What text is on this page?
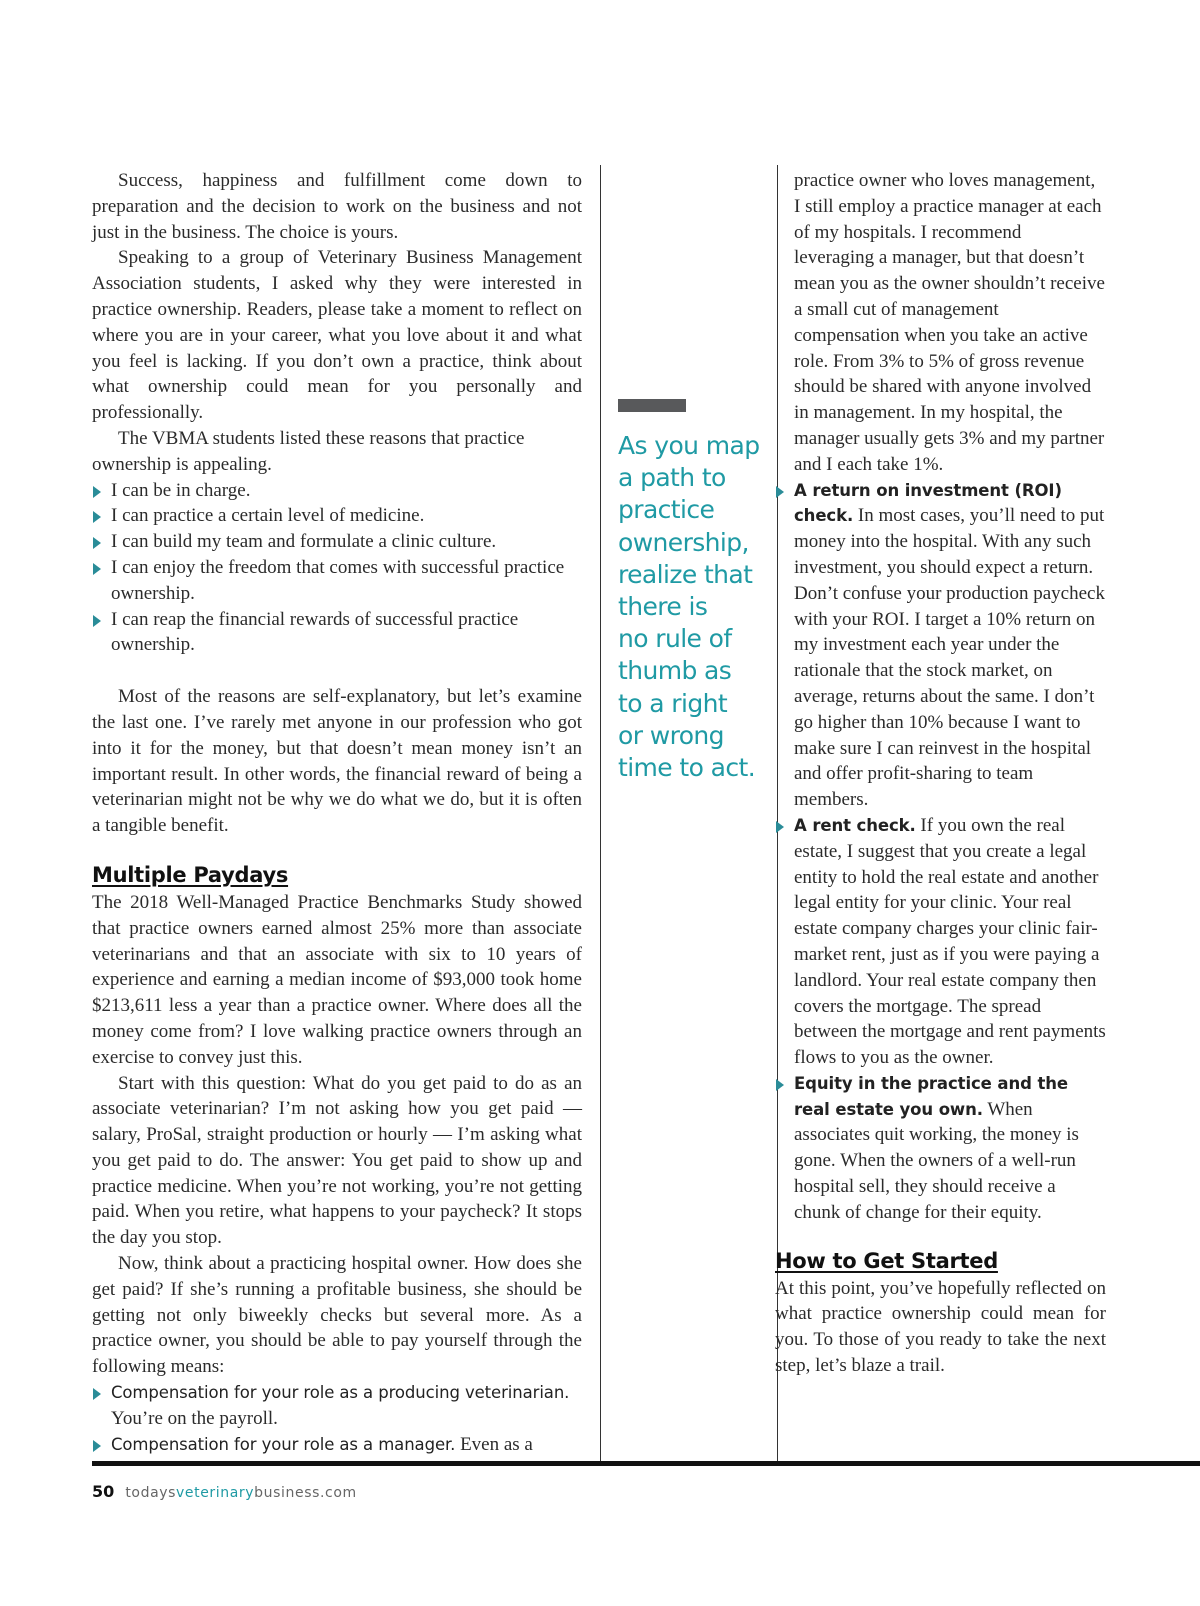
Success, happiness and fulfillment come down to preparation and the decision to work on the business and not just in the business. The choice is yours.

Speaking to a group of Veterinary Business Management Association students, I asked why they were interested in practice ownership. Readers, please take a moment to reflect on where you are in your career, what you love about it and what you feel is lacking. If you don’t own a practice, think about what ownership could mean for you personally and professionally.

The VBMA students listed these reasons that practice ownership is appealing.

I can be in charge.
I can practice a certain level of medicine.
I can build my team and formulate a clinic culture.
I can enjoy the freedom that comes with successful practice ownership.
I can reap the financial rewards of successful practice ownership.

Most of the reasons are self-explanatory, but let’s examine the last one. I’ve rarely met anyone in our profession who got into it for the money, but that doesn’t mean money isn’t an important result. In other words, the financial reward of being a veterinarian might not be why we do what we do, but it is often a tangible benefit.

Multiple Paydays

The 2018 Well-Managed Practice Benchmarks Study showed that practice owners earned almost 25% more than associate veterinarians and that an associate with six to 10 years of experience and earning a median income of $93,000 took home $213,611 less a year than a practice owner. Where does all the money come from? I love walking practice owners through an exercise to convey just this.

Start with this question: What do you get paid to do as an associate veterinarian? I’m not asking how you get paid — salary, ProSal, straight production or hourly — I’m asking what you get paid to do. The answer: You get paid to show up and practice medicine. When you’re not working, you’re not getting paid. When you retire, what happens to your paycheck? It stops the day you stop.

Now, think about a practicing hospital owner. How does she get paid? If she’s running a profitable business, she should be getting not only biweekly checks but several more. As a practice owner, you should be able to pay yourself through the following means:

Compensation for your role as a producing veterinarian. You’re on the payroll.
Compensation for your role as a manager. Even as a
As you map
a path to
practice
ownership,
realize that
there is
no rule of
thumb as
to a right
or wrong
time to act.

practice owner who loves management, I still employ a practice manager at each of my hospitals. I recommend leveraging a manager, but that doesn’t mean you as the owner shouldn’t receive a small cut of management compensation when you take an active role. From 3% to 5% of gross revenue should be shared with anyone involved in management. In my hospital, the manager usually gets 3% and my partner and I each take 1%.

A return on investment (ROI) check. In most cases, you’ll need to put money into the hospital. With any such investment, you should expect a return. Don’t confuse your production paycheck with your ROI. I target a 10% return on my investment each year under the rationale that the stock market, on average, returns about the same. I don’t go higher than 10% because I want to make sure I can reinvest in the hospital and offer profit-sharing to team members.
A rent check. If you own the real estate, I suggest that you create a legal entity to hold the real estate and another legal entity for your clinic. Your real estate company charges your clinic fair-market rent, just as if you were paying a landlord. Your real estate company then covers the mortgage. The spread between the mortgage and rent payments flows to you as the owner.
Equity in the practice and the real estate you own. When associates quit working, the money is gone. When the owners of a well-run hospital sell, they should receive a chunk of change for their equity.
How to Get Started

At this point, you’ve hopefully reflected on what practice ownership could mean for you. To those of you ready to take the next step, let’s blaze a trail.

50 todaysveterinarybusiness.com
